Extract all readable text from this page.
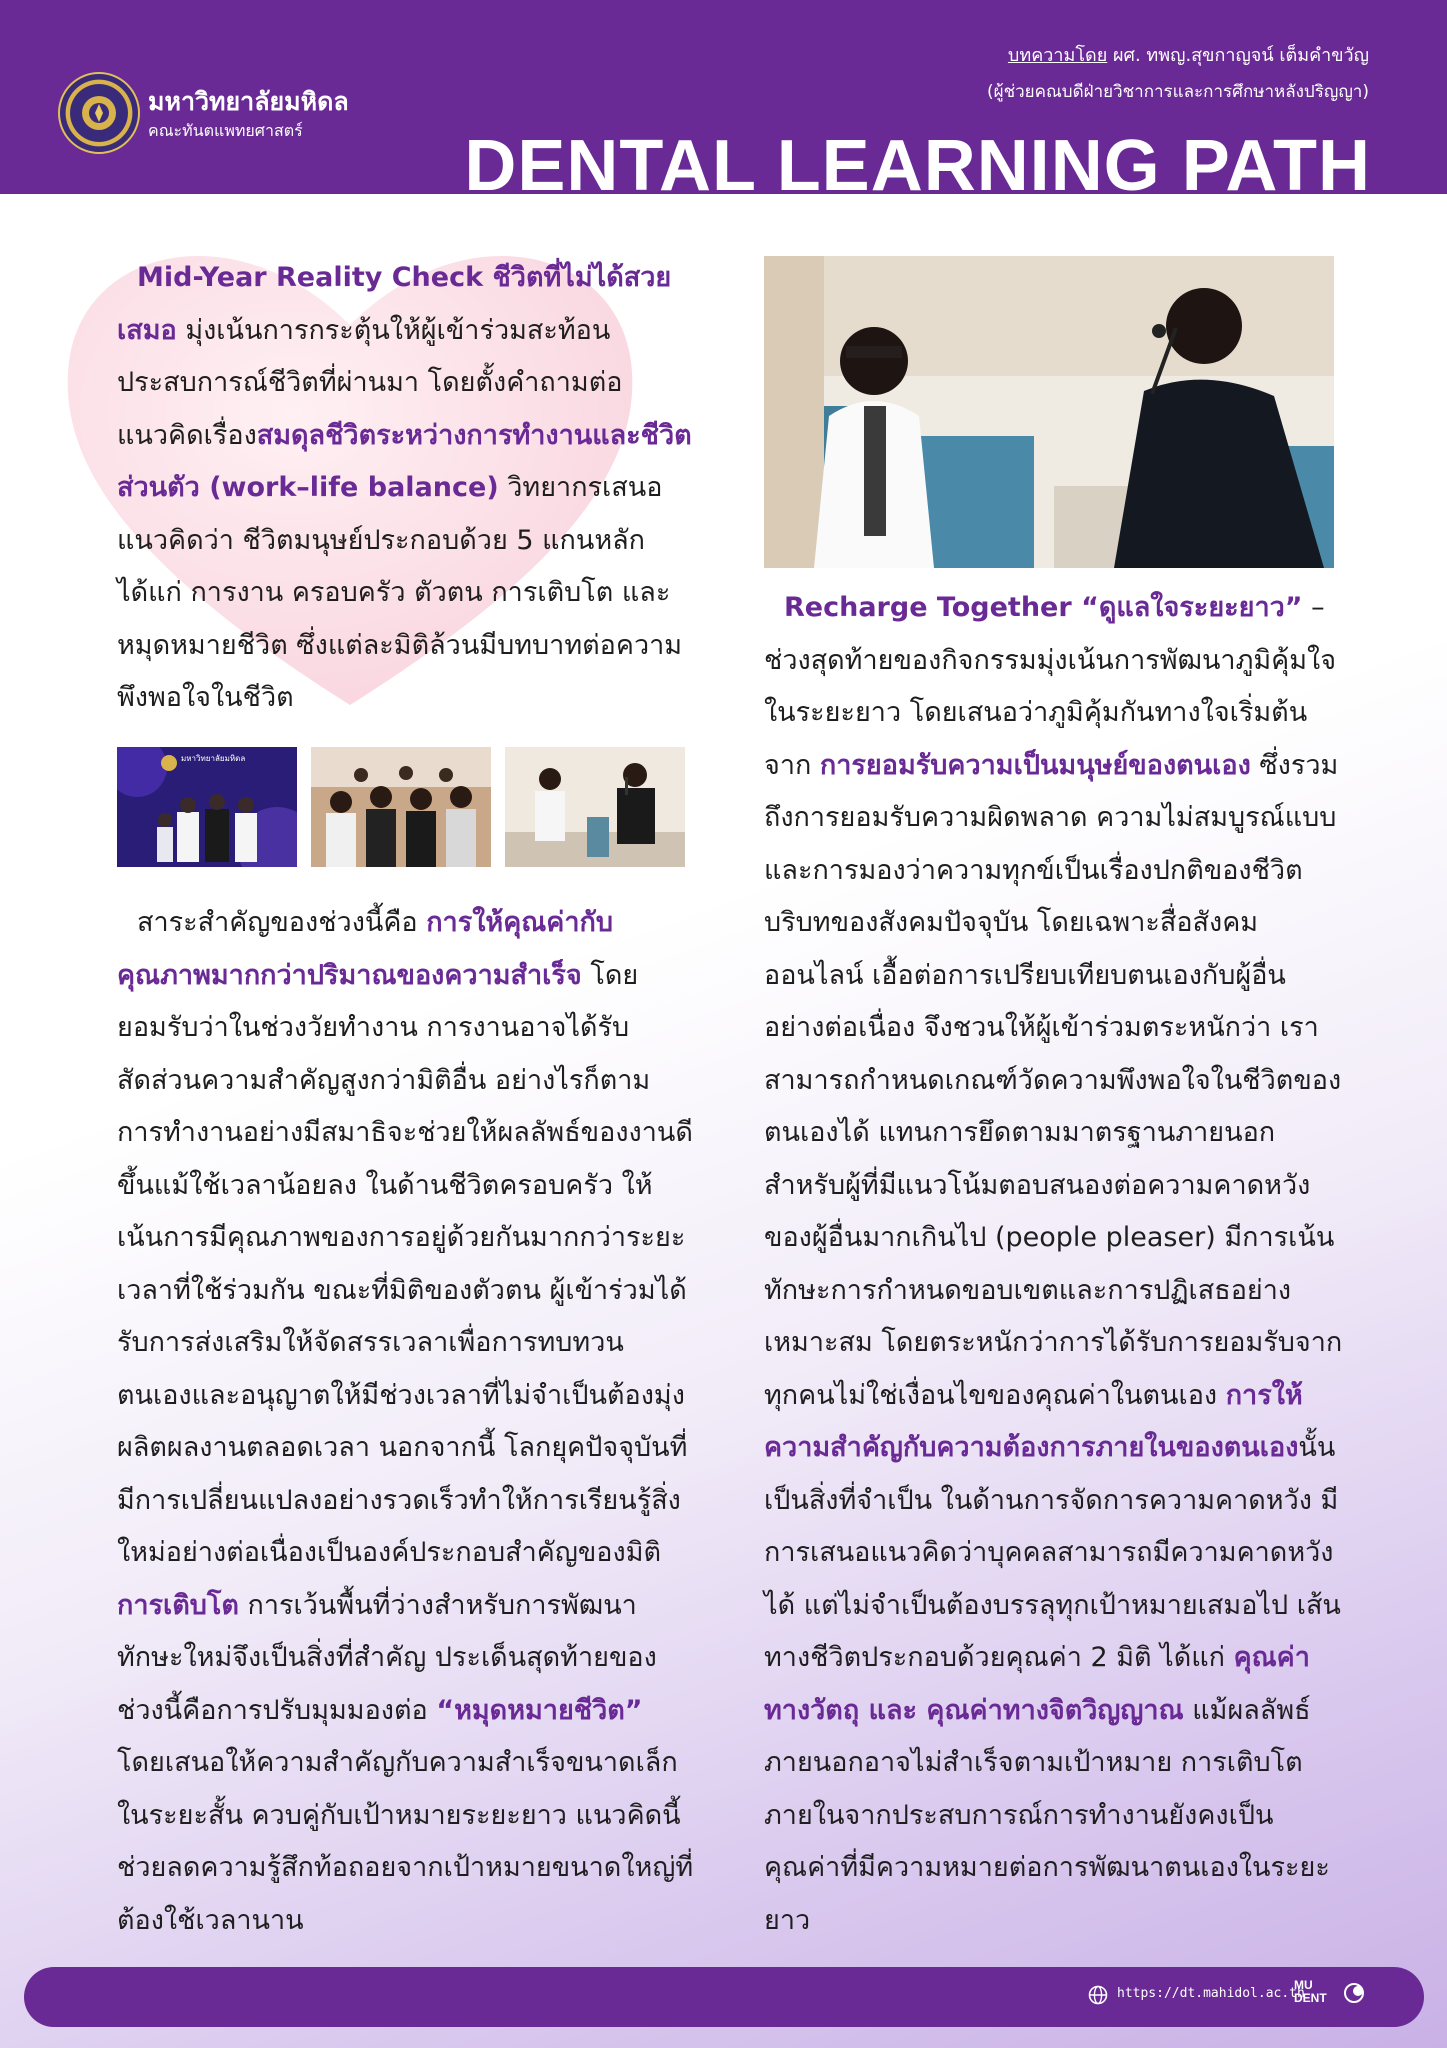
มหาวิทยาลัยมหิดล
คณะทันตแพทยศาสตร์
บทความโดย ผศ. ทพญ.สุขกาญจน์ เต็มคำขวัญ
(ผู้ช่วยคณบดีฝ่ายวิชาการและการศึกษาหลังปริญญา)
DENTAL LEARNING PATH

Mid-Year Reality Check ชีวิตที่ไม่ได้สวยเสมอ มุ่งเน้นการกระตุ้นให้ผู้เข้าร่วมสะท้อนประสบการณ์ชีวิตที่ผ่านมา โดยตั้งคำถามต่อแนวคิดเรื่องสมดุลชีวิตระหว่างการทำงานและชีวิตส่วนตัว (work–life balance) วิทยากรเสนอแนวคิดว่า ชีวิตมนุษย์ประกอบด้วย 5 แกนหลัก ได้แก่ การงาน ครอบครัว ตัวตน การเติบโต และหมุดหมายชีวิต ซึ่งแต่ละมิติล้วนมีบทบาทต่อความพึงพอใจในชีวิต

มหาวิทยาลัยมหิดล

สาระสำคัญของช่วงนี้คือ การให้คุณค่ากับคุณภาพมากกว่าปริมาณของความสำเร็จ โดยยอมรับว่าในช่วงวัยทำงาน การงานอาจได้รับสัดส่วนความสำคัญสูงกว่ามิติอื่น อย่างไรก็ตาม การทำงานอย่างมีสมาธิจะช่วยให้ผลลัพธ์ของงานดีขึ้นแม้ใช้เวลาน้อยลง ในด้านชีวิตครอบครัว ให้เน้นการมีคุณภาพของการอยู่ด้วยกันมากกว่าระยะเวลาที่ใช้ร่วมกัน ขณะที่มิติของตัวตน ผู้เข้าร่วมได้รับการส่งเสริมให้จัดสรรเวลาเพื่อการทบทวนตนเองและอนุญาตให้มีช่วงเวลาที่ไม่จำเป็นต้องมุ่งผลิตผลงานตลอดเวลา นอกจากนี้ โลกยุคปัจจุบันที่มีการเปลี่ยนแปลงอย่างรวดเร็วทำให้การเรียนรู้สิ่งใหม่อย่างต่อเนื่องเป็นองค์ประกอบสำคัญของมิติ การเติบโต การเว้นพื้นที่ว่างสำหรับการพัฒนาทักษะใหม่จึงเป็นสิ่งที่สำคัญ ประเด็นสุดท้ายของช่วงนี้คือการปรับมุมมองต่อ “หมุดหมายชีวิต” โดยเสนอให้ความสำคัญกับความสำเร็จขนาดเล็กในระยะสั้น ควบคู่กับเป้าหมายระยะยาว แนวคิดนี้ช่วยลดความรู้สึกท้อถอยจากเป้าหมายขนาดใหญ่ที่ต้องใช้เวลานาน

Recharge Together “ดูแลใจระยะยาว” – ช่วงสุดท้ายของกิจกรรมมุ่งเน้นการพัฒนาภูมิคุ้มใจในระยะยาว โดยเสนอว่าภูมิคุ้มกันทางใจเริ่มต้นจาก การยอมรับความเป็นมนุษย์ของตนเอง ซึ่งรวมถึงการยอมรับความผิดพลาด ความไม่สมบูรณ์แบบ และการมองว่าความทุกข์เป็นเรื่องปกติของชีวิต บริบทของสังคมปัจจุบัน โดยเฉพาะสื่อสังคมออนไลน์ เอื้อต่อการเปรียบเทียบตนเองกับผู้อื่นอย่างต่อเนื่อง จึงชวนให้ผู้เข้าร่วมตระหนักว่า เราสามารถกำหนดเกณฑ์วัดความพึงพอใจในชีวิตของตนเองได้ แทนการยึดตามมาตรฐานภายนอก สำหรับผู้ที่มีแนวโน้มตอบสนองต่อความคาดหวังของผู้อื่นมากเกินไป (people pleaser) มีการเน้นทักษะการกำหนดขอบเขตและการปฏิเสธอย่างเหมาะสม โดยตระหนักว่าการได้รับการยอมรับจากทุกคนไม่ใช่เงื่อนไขของคุณค่าในตนเอง การให้ความสำคัญกับความต้องการภายในของตนเองนั้นเป็นสิ่งที่จำเป็น ในด้านการจัดการความคาดหวัง มีการเสนอแนวคิดว่าบุคคลสามารถมีความคาดหวังได้ แต่ไม่จำเป็นต้องบรรลุทุกเป้าหมายเสมอไป เส้นทางชีวิตประกอบด้วยคุณค่า 2 มิติ ได้แก่ คุณค่าทางวัตถุ และ คุณค่าทางจิตวิญญาณ แม้ผลลัพธ์ภายนอกอาจไม่สำเร็จตามเป้าหมาย การเติบโตภายในจากประสบการณ์การทำงานยังคงเป็นคุณค่าที่มีความหมายต่อการพัฒนาตนเองในระยะยาว

https://dt.mahidol.ac.th
MU
DENT
